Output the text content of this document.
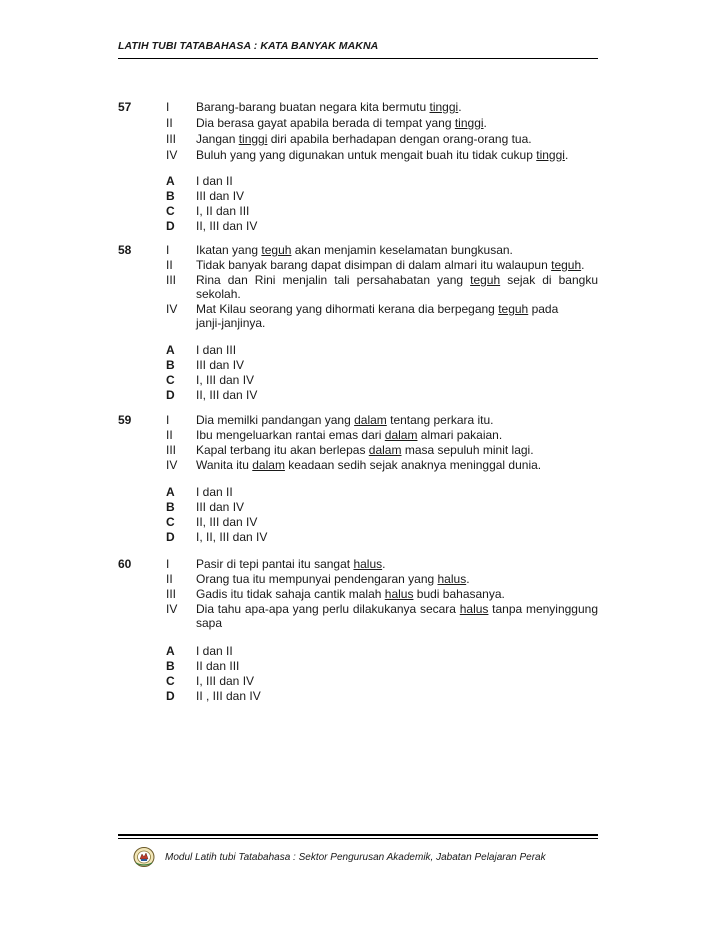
LATIH TUBI TATABAHASA : KATA BANYAK MAKNA
57	I Barang-barang buatan negara kita bermutu tinggi.
II Dia berasa gayat apabila berada di tempat yang tinggi.
III Jangan tinggi diri apabila berhadapan dengan orang-orang tua.
IV Buluh yang yang digunakan untuk mengait buah itu tidak cukup tinggi.
A I dan II
B III dan IV
C I, II dan III
D II, III dan IV
58	I Ikatan yang teguh akan menjamin keselamatan bungkusan.
II Tidak banyak barang dapat disimpan di dalam almari itu walaupun teguh.
III Rina dan Rini menjalin tali persahabatan yang teguh sejak di bangku sekolah.
IV Mat Kilau seorang yang dihormati kerana dia berpegang teguh pada janji-janjinya.
A I dan III
B III dan IV
C I, III dan IV
D II, III dan IV
59	I Dia memilki pandangan yang dalam tentang perkara itu.
II Ibu mengeluarkan rantai emas dari dalam almari pakaian.
III Kapal terbang itu akan berlepas dalam masa sepuluh minit lagi.
IV Wanita itu dalam keadaan sedih sejak anaknya meninggal dunia.
A I dan II
B III dan IV
C II, III dan IV
D I, II, III dan IV
60	I Pasir di tepi pantai itu sangat halus.
II Orang tua itu mempunyai pendengaran yang halus.
III Gadis itu tidak sahaja cantik malah halus budi bahasanya.
IV Dia tahu apa-apa yang perlu dilakukanya secara halus tanpa menyinggung sapa
A I dan II
B II dan III
C I, III dan IV
D II , III dan IV
Modul Latih tubi Tatabahasa : Sektor Pengurusan Akademik, Jabatan Pelajaran Perak
